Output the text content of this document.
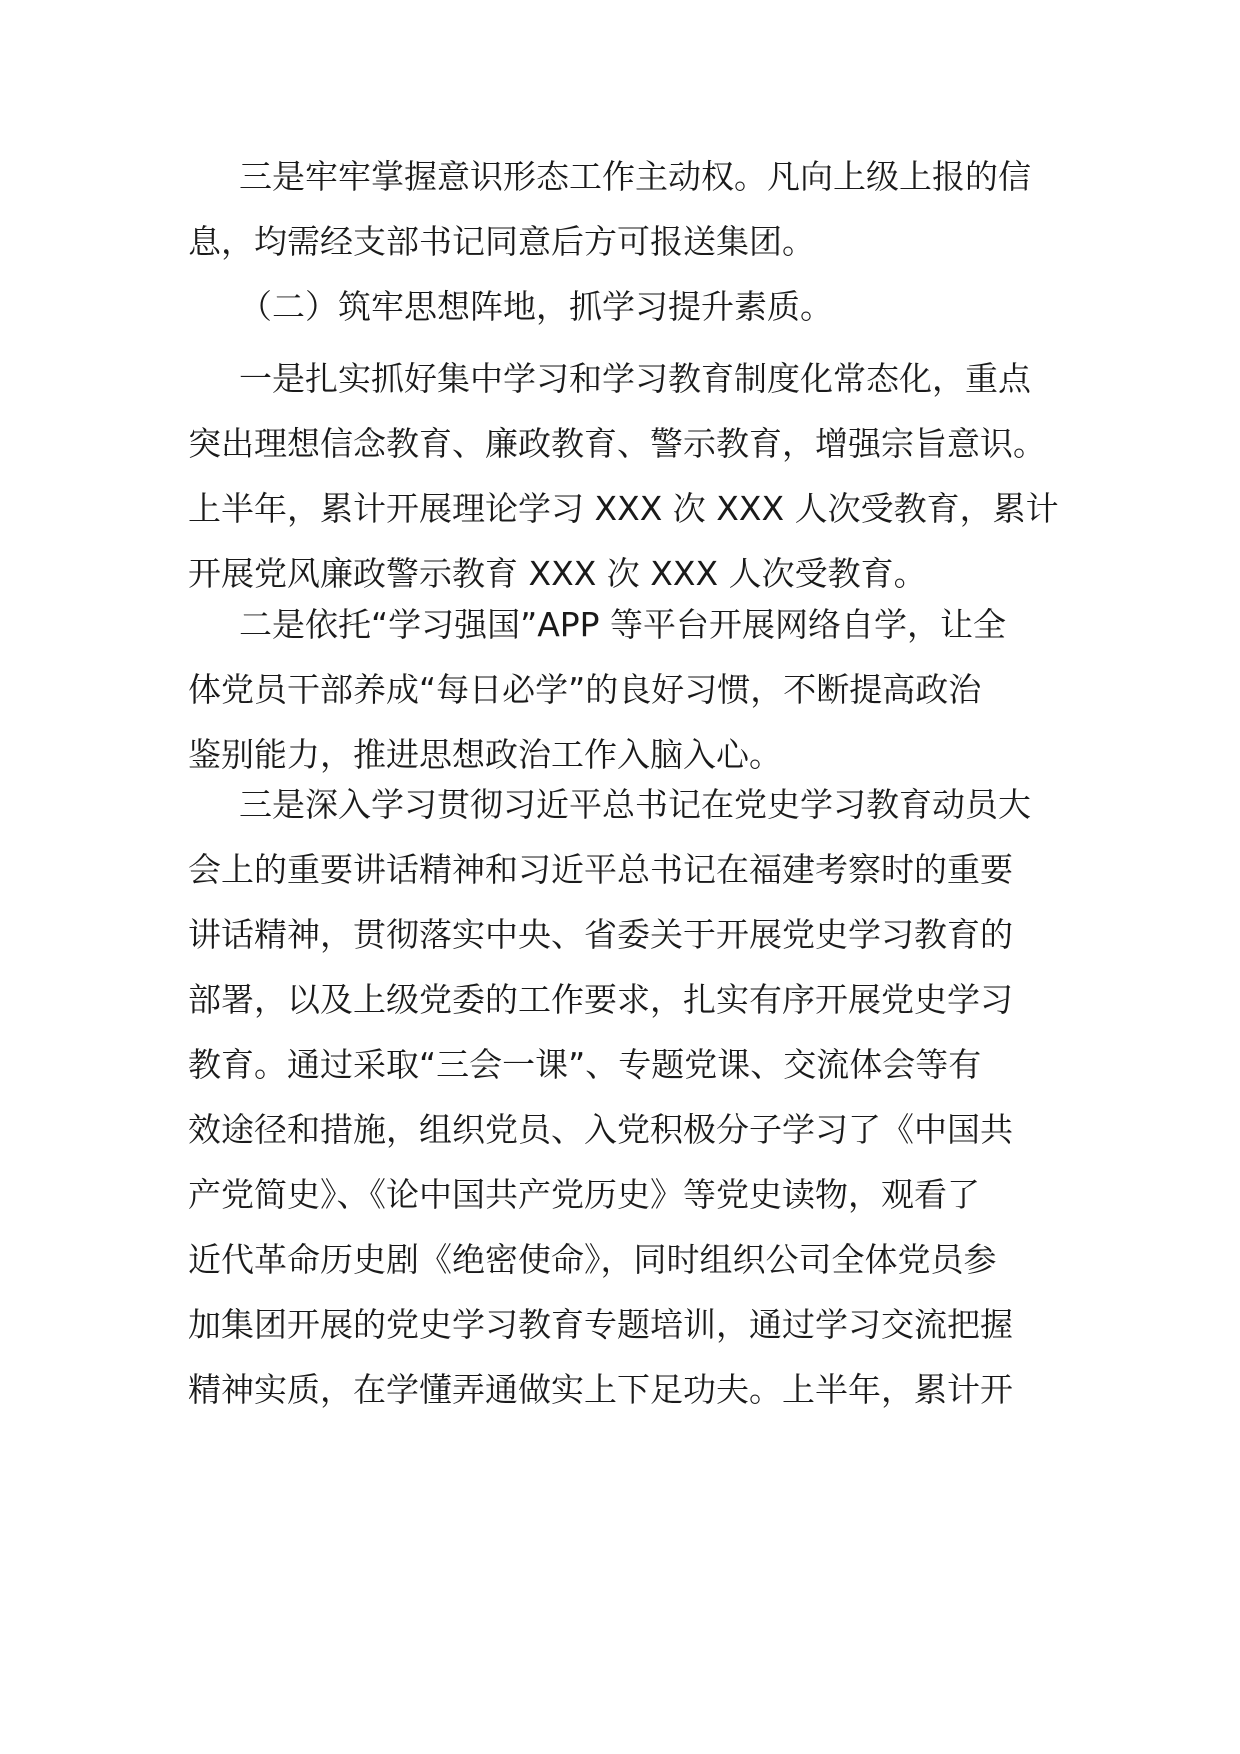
三是牢牢掌握意识形态工作主动权。凡向上级上报的信
息，均需经支部书记同意后方可报送集团。

（二）筑牢思想阵地，抓学习提升素质。

一是扎实抓好集中学习和学习教育制度化常态化，重点
突出理想信念教育、廉政教育、警示教育，增强宗旨意识。
上半年，累计开展理论学习 XXX 次 XXX 人次受教育，累计
开展党风廉政警示教育 XXX 次 XXX 人次受教育。

二是依托“学习强国”APP 等平台开展网络自学，让全
体党员干部养成“每日必学”的良好习惯，不断提高政治
鉴别能力，推进思想政治工作入脑入心。

三是深入学习贯彻习近平总书记在党史学习教育动员大
会上的重要讲话精神和习近平总书记在福建考察时的重要
讲话精神，贯彻落实中央、省委关于开展党史学习教育的
部署，以及上级党委的工作要求，扎实有序开展党史学习
教育。通过采取“三会一课”、专题党课、交流体会等有
效途径和措施，组织党员、入党积极分子学习了《中国共
产党简史》、《论中国共产党历史》等党史读物，观看了
近代革命历史剧《绝密使命》，同时组织公司全体党员参
加集团开展的党史学习教育专题培训，通过学习交流把握
精神实质，在学懂弄通做实上下足功夫。上半年，累计开
